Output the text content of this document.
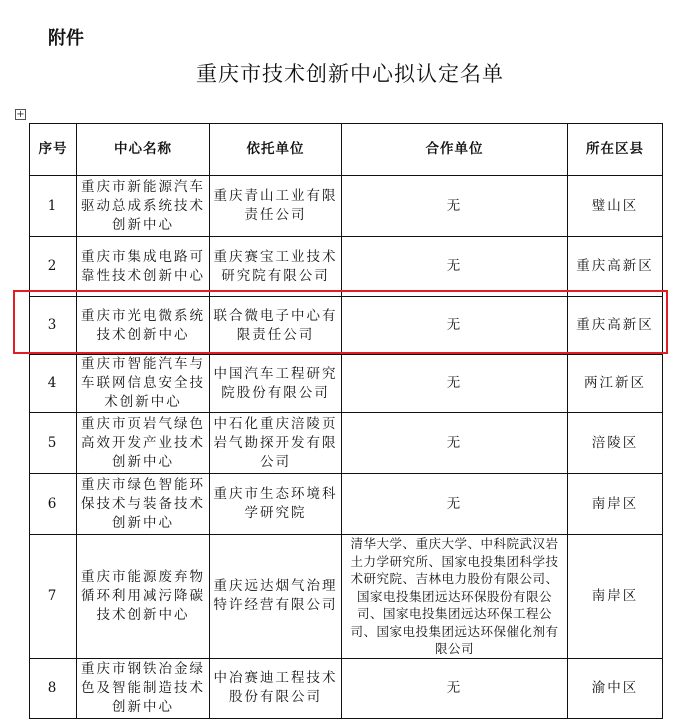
附件
重庆市技术创新中心拟认定名单
+
序号	中心名称	依托单位	合作单位	所在区县
1	重庆市新能源汽车驱动总成系统技术创新中心	重庆青山工业有限责任公司	无	璧山区
2	重庆市集成电路可靠性技术创新中心	重庆赛宝工业技术研究院有限公司	无	重庆高新区
3	重庆市光电微系统技术创新中心	联合微电子中心有限责任公司	无	重庆高新区
4	重庆市智能汽车与车联网信息安全技术创新中心	中国汽车工程研究院股份有限公司	无	两江新区
5	重庆市页岩气绿色高效开发产业技术创新中心	中石化重庆涪陵页岩气勘探开发有限公司	无	涪陵区
6	重庆市绿色智能环保技术与装备技术创新中心	重庆市生态环境科学研究院	无	南岸区
7	重庆市能源废弃物循环利用减污降碳技术创新中心	重庆远达烟气治理特许经营有限公司	清华大学、重庆大学、中科院武汉岩土力学研究所、国家电投集团科学技术研究院、吉林电力股份有限公司、国家电投集团远达环保股份有限公司、国家电投集团远达环保工程公司、国家电投集团远达环保催化剂有限公司	南岸区
8	重庆市钢铁冶金绿色及智能制造技术创新中心	中冶赛迪工程技术股份有限公司	无	渝中区
